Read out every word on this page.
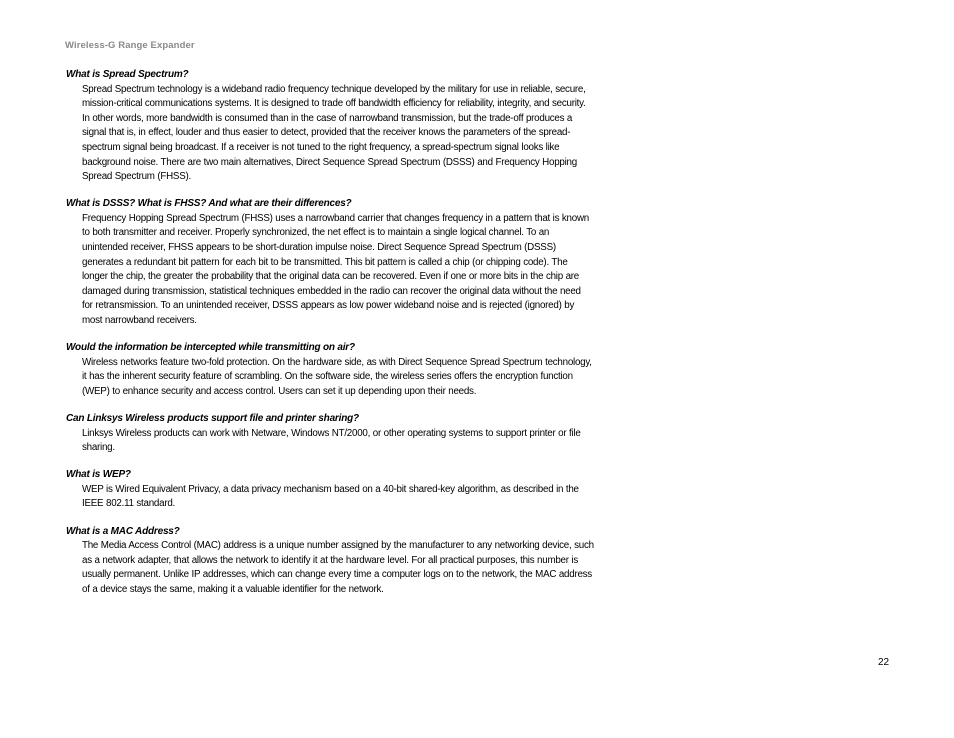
Wireless-G Range Expander

What is Spread Spectrum?

Spread Spectrum technology is a wideband radio frequency technique developed by the military for use in reliable, secure, mission-critical communications systems. It is designed to trade off bandwidth efficiency for reliability, integrity, and security. In other words, more bandwidth is consumed than in the case of narrowband transmission, but the trade-off produces a signal that is, in effect, louder and thus easier to detect, provided that the receiver knows the parameters of the spread-spectrum signal being broadcast. If a receiver is not tuned to the right frequency, a spread-spectrum signal looks like background noise. There are two main alternatives, Direct Sequence Spread Spectrum (DSSS) and Frequency Hopping Spread Spectrum (FHSS).

What is DSSS? What is FHSS? And what are their differences?

Frequency Hopping Spread Spectrum (FHSS) uses a narrowband carrier that changes frequency in a pattern that is known to both transmitter and receiver. Properly synchronized, the net effect is to maintain a single logical channel. To an unintended receiver, FHSS appears to be short-duration impulse noise. Direct Sequence Spread Spectrum (DSSS) generates a redundant bit pattern for each bit to be transmitted. This bit pattern is called a chip (or chipping code). The longer the chip, the greater the probability that the original data can be recovered. Even if one or more bits in the chip are damaged during transmission, statistical techniques embedded in the radio can recover the original data without the need for retransmission. To an unintended receiver, DSSS appears as low power wideband noise and is rejected (ignored) by most narrowband receivers.

Would the information be intercepted while transmitting on air?

Wireless networks feature two-fold protection. On the hardware side, as with Direct Sequence Spread Spectrum technology, it has the inherent security feature of scrambling. On the software side, the wireless series offers the encryption function (WEP) to enhance security and access control. Users can set it up depending upon their needs.

Can Linksys Wireless products support file and printer sharing?

Linksys Wireless products can work with Netware, Windows NT/2000, or other operating systems to support printer or file sharing.

What is WEP?

WEP is Wired Equivalent Privacy, a data privacy mechanism based on a 40-bit shared-key algorithm, as described in the IEEE 802.11 standard.

What is a MAC Address?

The Media Access Control (MAC) address is a unique number assigned by the manufacturer to any networking device, such as a network adapter, that allows the network to identify it at the hardware level. For all practical purposes, this number is usually permanent. Unlike IP addresses, which can change every time a computer logs on to the network, the MAC address of a device stays the same, making it a valuable identifier for the network.

22
